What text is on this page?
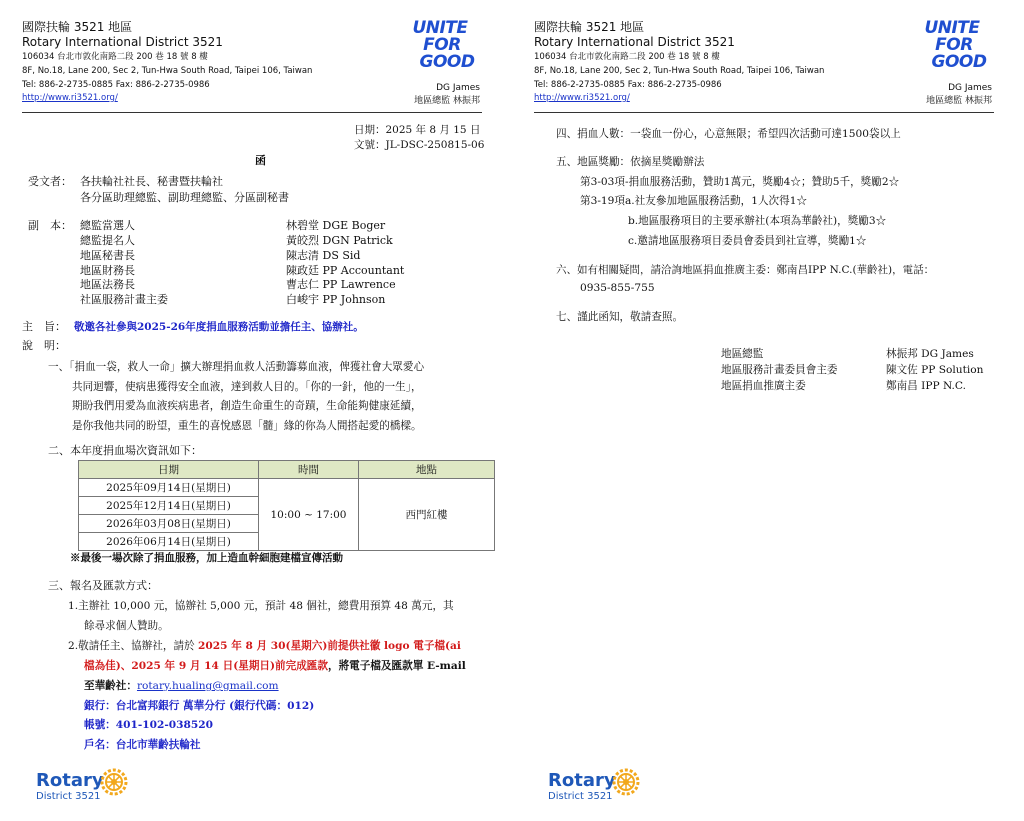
國際扶輪 3521 地區
Rotary International District 3521
106034 台北市敦化南路二段 200 巷 18 號 8 樓
8F, No.18, Lane 200, Sec 2, Tun-Hwa South Road, Taipei 106, Taiwan
Tel: 886-2-2735-0885 Fax: 886-2-2735-0986
http://www.ri3521.org/
UNITE
FOR
GOOD
DG James
地區總監 林振邦
日期：2025 年 8 月 15 日
文號：JL-DSC-250815-06
函
受文者： 各扶輪社社長、秘書暨扶輪社
各分區助理總監、副助理總監、分區副秘書
副　本： 總監當選人	林碧堂 DGE Boger
總監提名人	黃皎烈 DGN Patrick
地區秘書長	陳志清 DS Sid
地區財務長	陳政廷 PP Accountant
地區法務長	曹志仁 PP Lawrence
社區服務計畫主委	白峻宇 PP Johnson
主　旨： 敬邀各社參與2025-26年度捐血服務活動並擔任主、協辦社。
說　明：
一、「捐血一袋，救人一命」擴大辦理捐血救人活動籌募血液，俾獲社會大眾愛心
共同迴響，使病患獲得安全血液，達到救人目的。「你的一針，他的一生」，
期盼我們用愛為血液疾病患者，創造生命重生的奇蹟，生命能夠健康延續，
是你我他共同的盼望，重生的喜悅感恩「髓」緣的你為人間搭起愛的橋樑。
二、本年度捐血場次資訊如下：
日期	時間	地點
2025年09月14日(星期日)	10:00 ~ 17:00	西門紅樓
2025年12月14日(星期日)		
2026年03月08日(星期日)		
2026年06月14日(星期日)		
※最後一場次除了捐血服務，加上造血幹細胞建檔宣傳活動
三、報名及匯款方式：
1.主辦社 10,000 元，協辦社 5,000 元，預計 48 個社，總費用預算 48 萬元，其
餘尋求個人贊助。
2.敬請任主、協辦社，請於 2025 年 8 月 30(星期六)前提供社徽 logo 電子檔(ai
檔為佳)、2025 年 9 月 14 日(星期日)前完成匯款，將電子檔及匯款單 E-mail
至華齡社：rotary.hualing@gmail.com
銀行：台北富邦銀行 萬華分行 (銀行代碼：012)
帳號：401-102-038520
戶名：台北市華齡扶輪社
Rotary
District 3521
國際扶輪 3521 地區
Rotary International District 3521
106034 台北市敦化南路二段 200 巷 18 號 8 樓
8F, No.18, Lane 200, Sec 2, Tun-Hwa South Road, Taipei 106, Taiwan
Tel: 886-2-2735-0885 Fax: 886-2-2735-0986
http://www.ri3521.org/
UNITE
FOR
GOOD
DG James
地區總監 林振邦
四、捐血人數：一袋血一份心，心意無限；希望四次活動可達1500袋以上
五、地區獎勵：依摘星獎勵辦法
第3-03項-捐血服務活動，贊助1萬元，獎勵4☆；贊助5千，獎勵2☆
第3-19項a.社友參加地區服務活動，1人次得1☆
b.地區服務項目的主要承辦社(本項為華齡社)，獎勵3☆
c.邀請地區服務項目委員會委員到社宣導，獎勵1☆
六、如有相關疑問，請洽詢地區捐血推廣主委：鄭南昌IPP N.C.(華齡社)，電話：
0935-855-755
七、謹此函知，敬請查照。
地區總監	林振邦 DG James
地區服務計畫委員會主委	陳文佐 PP Solution
地區捐血推廣主委	鄭南昌 IPP N.C.
Rotary
District 3521
